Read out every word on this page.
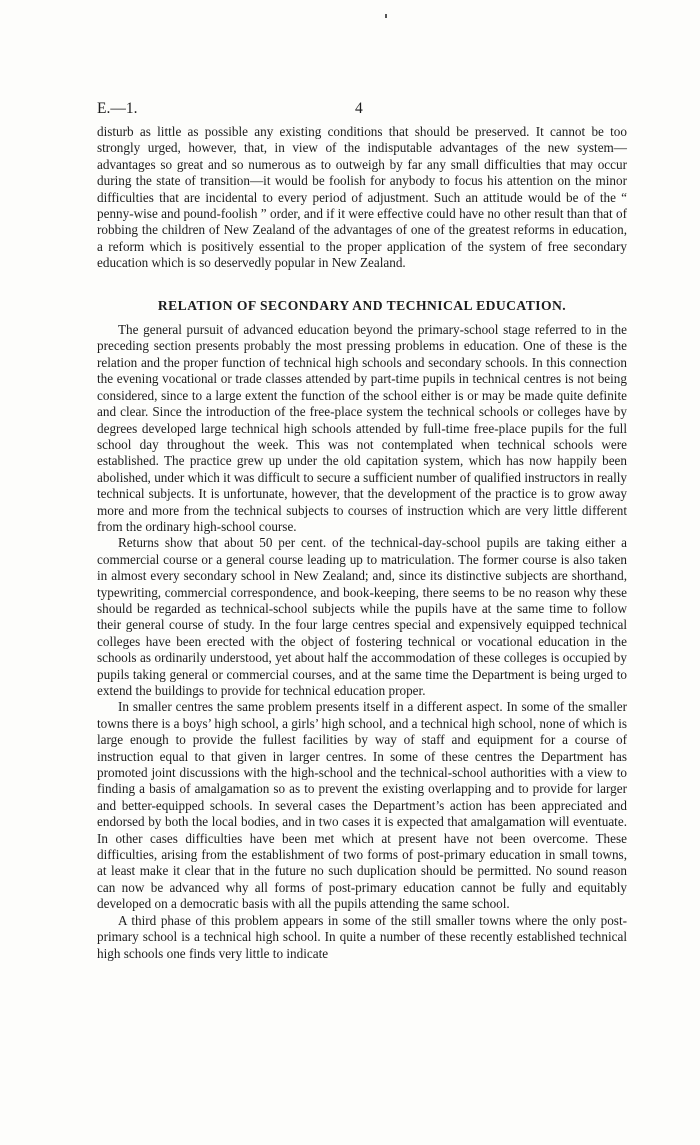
E.—1.	4

disturb as little as possible any existing conditions that should be preserved. It cannot be too strongly urged, however, that, in view of the indisputable advantages of the new system—advantages so great and so numerous as to outweigh by far any small difficulties that may occur during the state of transition—it would be foolish for anybody to focus his attention on the minor difficulties that are incidental to every period of adjustment. Such an attitude would be of the “ penny-wise and pound-foolish ” order, and if it were effective could have no other result than that of robbing the children of New Zealand of the advantages of one of the greatest reforms in education, a reform which is positively essential to the proper application of the system of free secondary education which is so deservedly popular in New Zealand.

RELATION OF SECONDARY AND TECHNICAL EDUCATION.

The general pursuit of advanced education beyond the primary-school stage referred to in the preceding section presents probably the most pressing problems in education. One of these is the relation and the proper function of technical high schools and secondary schools. In this connection the evening vocational or trade classes attended by part-time pupils in technical centres is not being considered, since to a large extent the function of the school either is or may be made quite definite and clear. Since the introduction of the free-place system the technical schools or colleges have by degrees developed large technical high schools attended by full-time free-place pupils for the full school day throughout the week. This was not contemplated when technical schools were established. The practice grew up under the old capitation system, which has now happily been abolished, under which it was difficult to secure a sufficient number of qualified instructors in really technical subjects. It is unfortunate, however, that the development of the practice is to grow away more and more from the technical subjects to courses of instruction which are very little different from the ordinary high-school course.

Returns show that about 50 per cent. of the technical-day-school pupils are taking either a commercial course or a general course leading up to matriculation. The former course is also taken in almost every secondary school in New Zealand; and, since its distinctive subjects are shorthand, typewriting, commercial correspondence, and book-keeping, there seems to be no reason why these should be regarded as technical-school subjects while the pupils have at the same time to follow their general course of study. In the four large centres special and expensively equipped technical colleges have been erected with the object of fostering technical or vocational education in the schools as ordinarily understood, yet about half the accommodation of these colleges is occupied by pupils taking general or commercial courses, and at the same time the Department is being urged to extend the buildings to provide for technical education proper.

In smaller centres the same problem presents itself in a different aspect. In some of the smaller towns there is a boys’ high school, a girls’ high school, and a technical high school, none of which is large enough to provide the fullest facilities by way of staff and equipment for a course of instruction equal to that given in larger centres. In some of these centres the Department has promoted joint discussions with the high-school and the technical-school authorities with a view to finding a basis of amalgamation so as to prevent the existing overlapping and to provide for larger and better-equipped schools. In several cases the Department’s action has been appreciated and endorsed by both the local bodies, and in two cases it is expected that amalgamation will eventuate. In other cases difficulties have been met which at present have not been overcome. These difficulties, arising from the establishment of two forms of post-primary education in small towns, at least make it clear that in the future no such duplication should be permitted. No sound reason can now be advanced why all forms of post-primary education cannot be fully and equitably developed on a democratic basis with all the pupils attending the same school.

A third phase of this problem appears in some of the still smaller towns where the only post-primary school is a technical high school. In quite a number of these recently established technical high schools one finds very little to indicate
